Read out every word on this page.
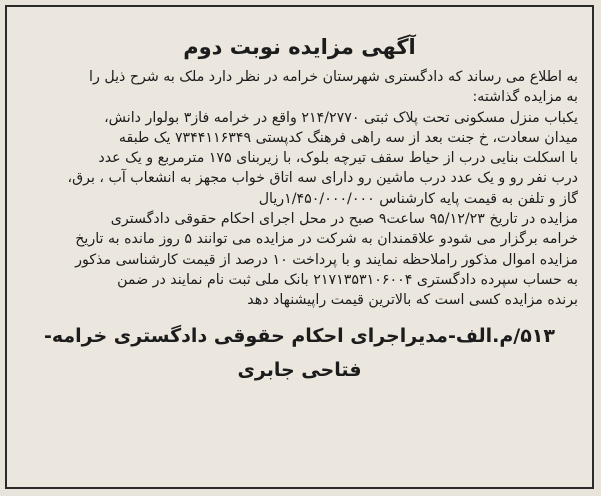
آگهی مزایده نوبت دوم
به اطلاع می رساند که دادگستری شهرستان خرامه در نظر دارد ملک به شرح ذیل را
به مزایده گذاشته:
یکباب منزل مسکونی تحت پلاک ثبتی ۲۱۴/۲۷۷۰ واقع در خرامه فاز۳ بولوار دانش،
میدان سعادت، خ جنت بعد از سه راهی فرهنگ کدپستی ۷۳۴۴۱۱۶۳۴۹ یک طبقه
با اسکلت بنایی درب از حیاط سقف تیرچه بلوک، با زیربنای ۱۷۵ مترمربع و یک عدد
درب نفر رو و یک عدد درب ماشین رو دارای سه اتاق خواب مجهز به انشعاب آب ، برق،
گاز و تلفن به قیمت پایه کارشناس ۱/۴۵۰/۰۰۰/۰۰۰ریال
مزایده در تاریخ ۹۵/۱۲/۲۳ ساعت۹ صبح در محل اجرای احکام حقوقی دادگستری
خرامه برگزار می شودو علاقمندان به شرکت در مزایده می توانند ۵ روز مانده به تاریخ
مزایده اموال مذکور راملاحظه نمایند و با پرداخت ۱۰ درصد از قیمت کارشناسی مذکور
به حساب سپرده دادگستری ۲۱۷۱۳۵۳۱۰۶۰۰۴ بانک ملی ثبت نام نمایند در ضمن
برنده مزایده کسی است که بالاترین قیمت راپیشنهاد دهد
۵۱۳/م.الف-مدیراجرای احکام حقوقی دادگستری خرامه-
فتاحی جابری
